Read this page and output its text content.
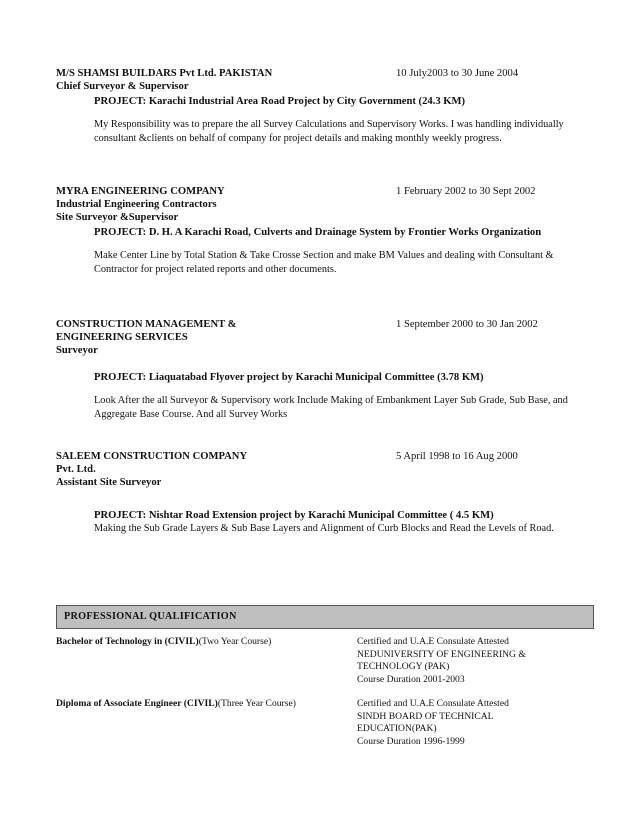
M/S SHAMSI BUILDARS Pvt Ltd. PAKISTAN	10 July2003 to 30 June 2004
Chief Surveyor & Supervisor
PROJECT: Karachi Industrial Area Road Project by City Government (24.3 KM)
My Responsibility was to prepare the all Survey Calculations and Supervisory Works. I was handling individually consultant &clients on behalf of company for project details and making monthly weekly progress.
MYRA ENGINEERING COMPANY	1 February 2002 to 30 Sept 2002
Industrial Engineering Contractors
Site Surveyor &Supervisor
PROJECT: D. H. A Karachi Road, Culverts and Drainage System by Frontier Works Organization
Make Center Line by Total Station & Take Crosse Section and make BM Values and dealing with Consultant & Contractor for project related reports and other documents.
CONSTRUCTION MANAGEMENT &	1 September 2000 to 30 Jan 2002
ENGINEERING SERVICES
Surveyor
PROJECT: Liaquatabad Flyover project by Karachi Municipal Committee (3.78 KM)
Look After the all Surveyor & Supervisory work Include Making of Embankment Layer Sub Grade, Sub Base, and Aggregate Base Course. And all Survey Works
SALEEM CONSTRUCTION COMPANY	5 April 1998 to 16 Aug 2000
Pvt. Ltd.
Assistant Site Surveyor
PROJECT: Nishtar Road Extension project by Karachi Municipal Committee ( 4.5 KM)
Making the Sub Grade Layers & Sub Base Layers and Alignment of Curb Blocks and Read the Levels of Road.
PROFESSIONAL QUALIFICATION
Bachelor of Technology in (CIVIL)(Two Year Course)	Certified and U.A.E Consulate Attested
NEDUNIVERSITY OF ENGINEERING & TECHNOLOGY (PAK)
Course Duration 2001-2003
Diploma of Associate Engineer (CIVIL)(Three Year Course)	Certified and U.A.E Consulate Attested
SINDH BOARD OF TECHNICAL EDUCATION(PAK)
Course Duration 1996-1999
